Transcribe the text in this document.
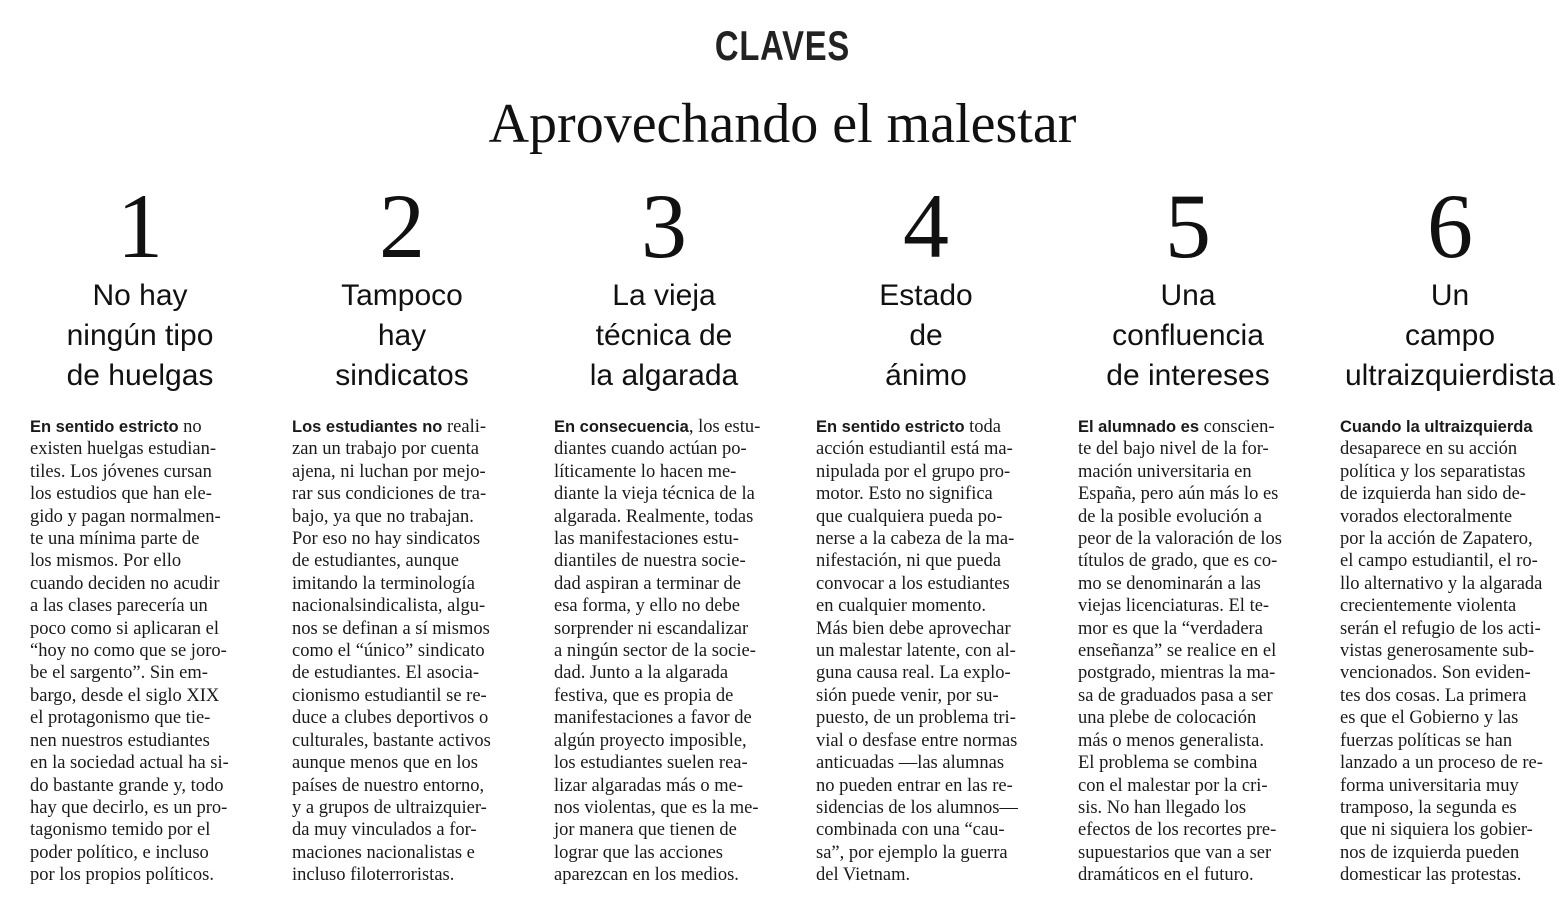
CLAVES
Aprovechando el malestar
1
No hay
ningún tipo
de huelgas
En sentido estricto no
existen huelgas estudian-
tiles. Los jóvenes cursan
los estudios que han ele-
gido y pagan normalmen-
te una mínima parte de
los mismos. Por ello
cuando deciden no acudir
a las clases parecería un
poco como si aplicaran el
“hoy no como que se joro-
be el sargento”. Sin em-
bargo, desde el siglo XIX
el protagonismo que tie-
nen nuestros estudiantes
en la sociedad actual ha si-
do bastante grande y, todo
hay que decirlo, es un pro-
tagonismo temido por el
poder político, e incluso
por los propios políticos.
2
Tampoco
hay
sindicatos
Los estudiantes no reali-
zan un trabajo por cuenta
ajena, ni luchan por mejo-
rar sus condiciones de tra-
bajo, ya que no trabajan.
Por eso no hay sindicatos
de estudiantes, aunque
imitando la terminología
nacionalsindicalista, algu-
nos se definan a sí mismos
como el “único” sindicato
de estudiantes. El asocia-
cionismo estudiantil se re-
duce a clubes deportivos o
culturales, bastante activos
aunque menos que en los
países de nuestro entorno,
y a grupos de ultraizquier-
da muy vinculados a for-
maciones nacionalistas e
incluso filoterroristas.
3
La vieja
técnica de
la algarada
En consecuencia, los estu-
diantes cuando actúan po-
líticamente lo hacen me-
diante la vieja técnica de la
algarada. Realmente, todas
las manifestaciones estu-
diantiles de nuestra socie-
dad aspiran a terminar de
esa forma, y ello no debe
sorprender ni escandalizar
a ningún sector de la socie-
dad. Junto a la algarada
festiva, que es propia de
manifestaciones a favor de
algún proyecto imposible,
los estudiantes suelen rea-
lizar algaradas más o me-
nos violentas, que es la me-
jor manera que tienen de
lograr que las acciones
aparezcan en los medios.
4
Estado
de
ánimo
En sentido estricto toda
acción estudiantil está ma-
nipulada por el grupo pro-
motor. Esto no significa
que cualquiera pueda po-
nerse a la cabeza de la ma-
nifestación, ni que pueda
convocar a los estudiantes
en cualquier momento.
Más bien debe aprovechar
un malestar latente, con al-
guna causa real. La explo-
sión puede venir, por su-
puesto, de un problema tri-
vial o desfase entre normas
anticuadas —las alumnas
no pueden entrar en las re-
sidencias de los alumnos—
combinada con una “cau-
sa”, por ejemplo la guerra
del Vietnam.
5
Una
confluencia
de intereses
El alumnado es conscien-
te del bajo nivel de la for-
mación universitaria en
España, pero aún más lo es
de la posible evolución a
peor de la valoración de los
títulos de grado, que es co-
mo se denominarán a las
viejas licenciaturas. El te-
mor es que la “verdadera
enseñanza” se realice en el
postgrado, mientras la ma-
sa de graduados pasa a ser
una plebe de colocación
más o menos generalista.
El problema se combina
con el malestar por la cri-
sis. No han llegado los
efectos de los recortes pre-
supuestarios que van a ser
dramáticos en el futuro.
6
Un
campo
ultraizquierdista
Cuando la ultraizquierda
desaparece en su acción
política y los separatistas
de izquierda han sido de-
vorados electoralmente
por la acción de Zapatero,
el campo estudiantil, el ro-
llo alternativo y la algarada
crecientemente violenta
serán el refugio de los acti-
vistas generosamente sub-
vencionados. Son eviden-
tes dos cosas. La primera
es que el Gobierno y las
fuerzas políticas se han
lanzado a un proceso de re-
forma universitaria muy
tramposo, la segunda es
que ni siquiera los gobier-
nos de izquierda pueden
domesticar las protestas.
